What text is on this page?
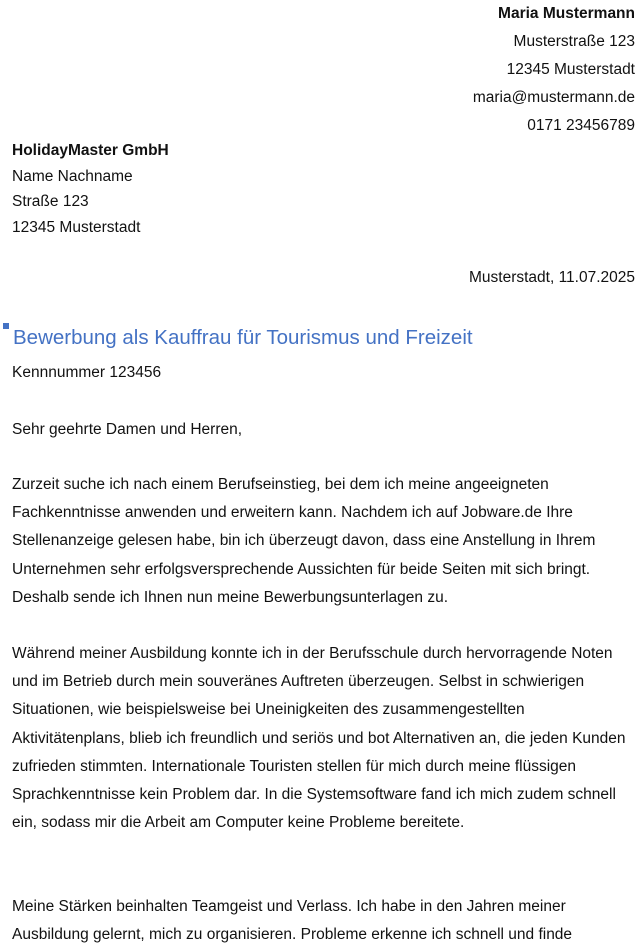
Maria Mustermann
Musterstraße 123
12345 Musterstadt
maria@mustermann.de
0171 23456789
HolidayMaster GmbH
Name Nachname
Straße 123
12345 Musterstadt
Musterstadt, 11.07.2025
Bewerbung als Kauffrau für Tourismus und Freizeit
Kennnummer 123456
Sehr geehrte Damen und Herren,

Zurzeit suche ich nach einem Berufseinstieg, bei dem ich meine angeeigneten Fachkenntnisse anwenden und erweitern kann. Nachdem ich auf Jobware.de Ihre Stellenanzeige gelesen habe, bin ich überzeugt davon, dass eine Anstellung in Ihrem Unternehmen sehr erfolgsversprechende Aussichten für beide Seiten mit sich bringt. Deshalb sende ich Ihnen nun meine Bewerbungsunterlagen zu.

Während meiner Ausbildung konnte ich in der Berufsschule durch hervorragende Noten und im Betrieb durch mein souveränes Auftreten überzeugen. Selbst in schwierigen Situationen, wie beispielsweise bei Uneinigkeiten des zusammengestellten Aktivitätenplans, blieb ich freundlich und seriös und bot Alternativen an, die jeden Kunden zufrieden stimmten. Internationale Touristen stellen für mich durch meine flüssigen Sprachkenntnisse kein Problem dar. In die Systemsoftware fand ich mich zudem schnell ein, sodass mir die Arbeit am Computer keine Probleme bereitete.

Meine Stärken beinhalten Teamgeist und Verlass. Ich habe in den Jahren meiner Ausbildung gelernt, mich zu organisieren. Probleme erkenne ich schnell und finde
